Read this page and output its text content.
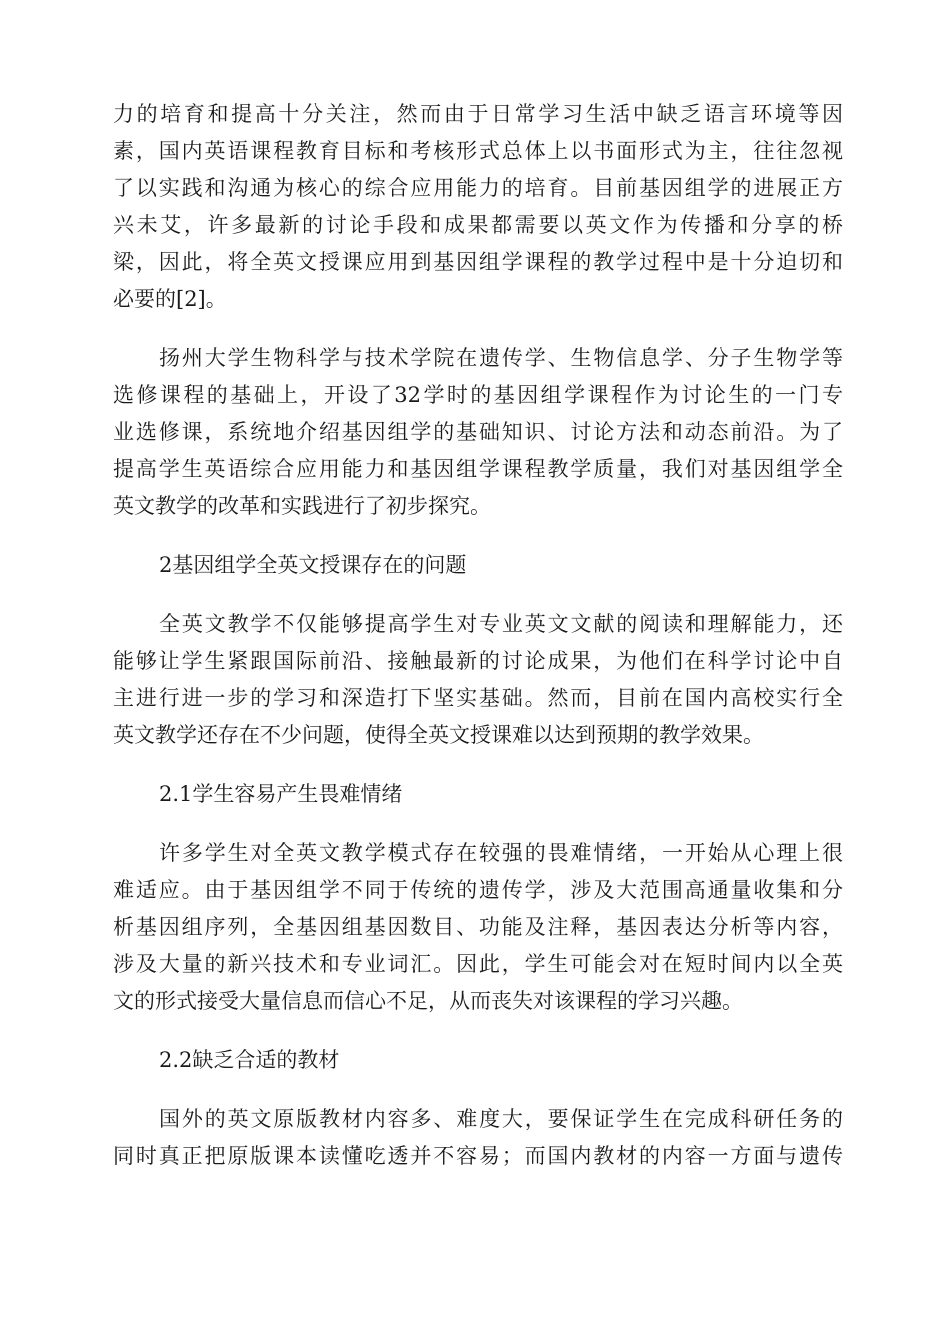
力的培育和提高十分关注，然而由于日常学习生活中缺乏语言环境等因
素，国内英语课程教育目标和考核形式总体上以书面形式为主，往往忽视
了以实践和沟通为核心的综合应用能力的培育。目前基因组学的进展正方
兴未艾，许多最新的讨论手段和成果都需要以英文作为传播和分享的桥
梁，因此，将全英文授课应用到基因组学课程的教学过程中是十分迫切和
必要的[2]。
扬州大学生物科学与技术学院在遗传学、生物信息学、分子生物学等
选修课程的基础上，开设了32学时的基因组学课程作为讨论生的一门专
业选修课，系统地介绍基因组学的基础知识、讨论方法和动态前沿。为了
提高学生英语综合应用能力和基因组学课程教学质量，我们对基因组学全
英文教学的改革和实践进行了初步探究。
2基因组学全英文授课存在的问题
全英文教学不仅能够提高学生对专业英文文献的阅读和理解能力，还
能够让学生紧跟国际前沿、接触最新的讨论成果，为他们在科学讨论中自
主进行进一步的学习和深造打下坚实基础。然而，目前在国内高校实行全
英文教学还存在不少问题，使得全英文授课难以达到预期的教学效果。
2.1学生容易产生畏难情绪
许多学生对全英文教学模式存在较强的畏难情绪，一开始从心理上很
难适应。由于基因组学不同于传统的遗传学，涉及大范围高通量收集和分
析基因组序列，全基因组基因数目、功能及注释，基因表达分析等内容，
涉及大量的新兴技术和专业词汇。因此，学生可能会对在短时间内以全英
文的形式接受大量信息而信心不足，从而丧失对该课程的学习兴趣。
2.2缺乏合适的教材
国外的英文原版教材内容多、难度大，要保证学生在完成科研任务的
同时真正把原版课本读懂吃透并不容易；而国内教材的内容一方面与遗传
